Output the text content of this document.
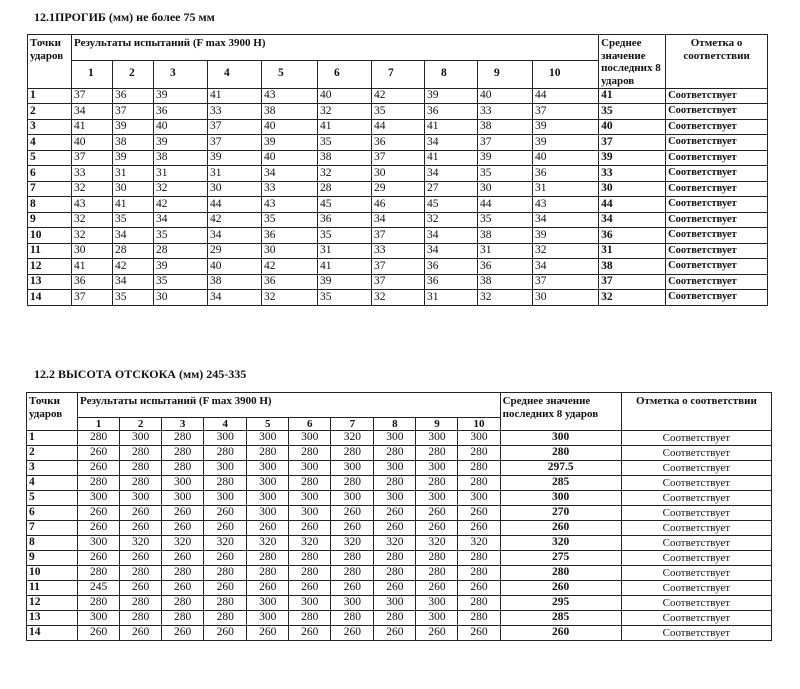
12.1ПРОГИБ (мм) не более 75 мм
Точки ударов	Результаты испытаний (F max 3900 Н)										Среднее значение последних 8 ударов	Отметка о соответствии
	1	2	3	4	5	6	7	8	9	10		
1	37	36	39	41	43	40	42	39	40	44	41	Соответствует
2	34	37	36	33	38	32	35	36	33	37	35	Соответствует
3	41	39	40	37	40	41	44	41	38	39	40	Соответствует
4	40	38	39	37	39	35	36	34	37	39	37	Соответствует
5	37	39	38	39	40	38	37	41	39	40	39	Соответствует
6	33	31	31	31	34	32	30	34	35	36	33	Соответствует
7	32	30	32	30	33	28	29	27	30	31	30	Соответствует
8	43	41	42	44	43	45	46	45	44	43	44	Соответствует
9	32	35	34	42	35	36	34	32	35	34	34	Соответствует
10	32	34	35	34	36	35	37	34	38	39	36	Соответствует
11	30	28	28	29	30	31	33	34	31	32	31	Соответствует
12	41	42	39	40	42	41	37	36	36	34	38	Соответствует
13	36	34	35	38	36	39	37	36	38	37	37	Соответствует
14	37	35	30	34	32	35	32	31	32	30	32	Соответствует
12.2 ВЫСОТА ОТСКОКА (мм) 245-335
Точки ударов	Результаты испытаний (F max 3900 Н)										Среднее значение последних 8 ударов	Отметка о соответствии
	1	2	3	4	5	6	7	8	9	10		
1	280	300	280	300	300	300	320	300	300	300	300	Соответствует
2	260	280	280	280	280	280	280	280	280	280	280	Соответствует
3	260	280	280	300	300	300	300	300	300	280	297.5	Соответствует
4	280	280	300	280	300	280	280	280	280	280	285	Соответствует
5	300	300	300	300	300	300	300	300	300	300	300	Соответствует
6	260	260	260	260	300	300	260	260	260	260	270	Соответствует
7	260	260	260	260	260	260	260	260	260	260	260	Соответствует
8	300	320	320	320	320	320	320	320	320	320	320	Соответствует
9	260	260	260	260	280	280	280	280	280	280	275	Соответствует
10	280	280	280	280	280	280	280	280	280	280	280	Соответствует
11	245	260	260	260	260	260	260	260	260	260	260	Соответствует
12	280	280	280	280	300	300	300	300	300	280	295	Соответствует
13	300	280	280	280	300	280	280	280	300	280	285	Соответствует
14	260	260	260	260	260	260	260	260	260	260	260	Соответствует
